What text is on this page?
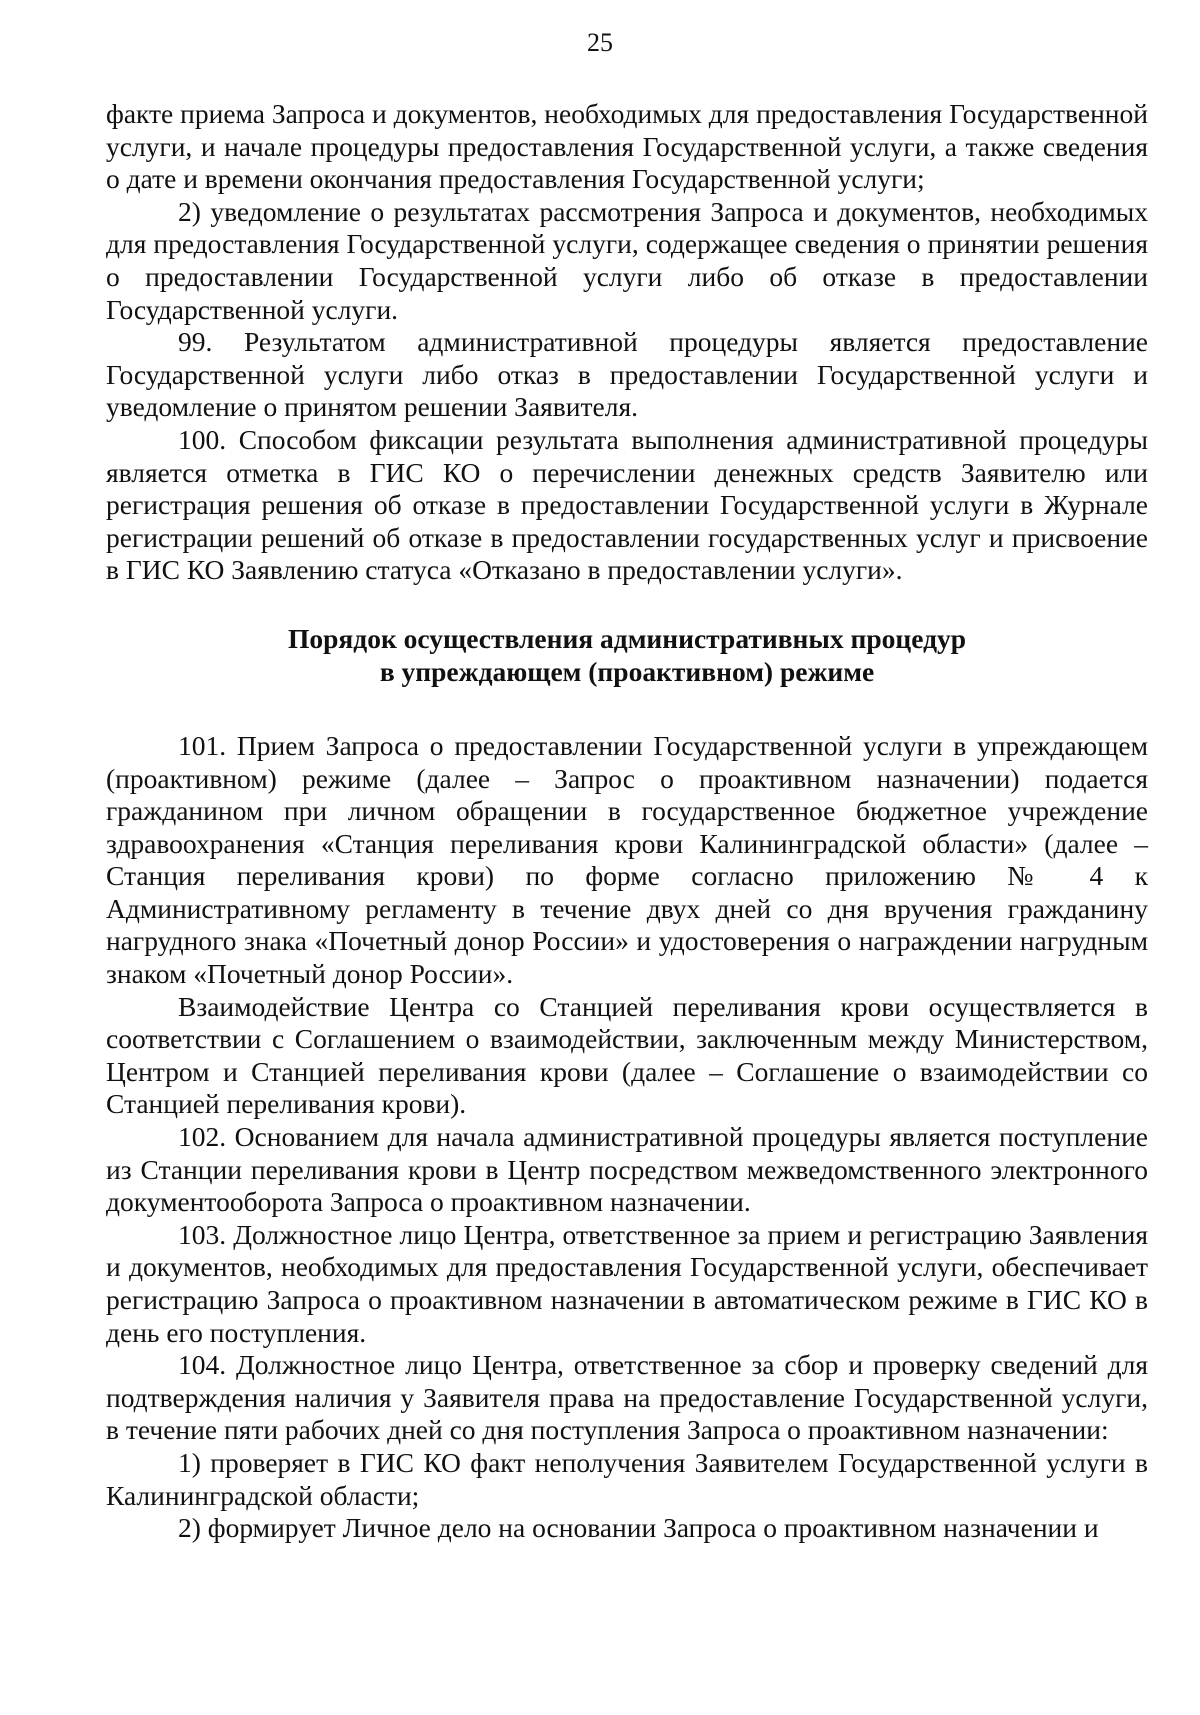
25

факте приема Запроса и документов, необходимых для предоставления Государственной услуги, и начале процедуры предоставления Государственной услуги, а также сведения о дате и времени окончания предоставления Государственной услуги;

2) уведомление о результатах рассмотрения Запроса и документов, необходимых для предоставления Государственной услуги, содержащее сведения о принятии решения о предоставлении Государственной услуги либо об отказе в предоставлении Государственной услуги.

99. Результатом административной процедуры является предоставление Государственной услуги либо отказ в предоставлении Государственной услуги и уведомление о принятом решении Заявителя.

100. Способом фиксации результата выполнения административной процедуры является отметка в ГИС КО о перечислении денежных средств Заявителю или регистрация решения об отказе в предоставлении Государственной услуги в Журнале регистрации решений об отказе в предоставлении государственных услуг и присвоение в ГИС КО Заявлению статуса «Отказано в предоставлении услуги».

Порядок осуществления административных процедур
в упреждающем (проактивном) режиме

101. Прием Запроса о предоставлении Государственной услуги в упреждающем (проактивном) режиме (далее – Запрос о проактивном назначении) подается гражданином при личном обращении в государственное бюджетное учреждение здравоохранения «Станция переливания крови Калининградской области» (далее – Станция переливания крови) по форме согласно приложению № 4 к Административному регламенту в течение двух дней со дня вручения гражданину нагрудного знака «Почетный донор России» и удостоверения о награждении нагрудным знаком «Почетный донор России».

Взаимодействие Центра со Станцией переливания крови осуществляется в соответствии с Соглашением о взаимодействии, заключенным между Министерством, Центром и Станцией переливания крови (далее – Соглашение о взаимодействии со Станцией переливания крови).

102. Основанием для начала административной процедуры является поступление из Станции переливания крови в Центр посредством межведомственного электронного документооборота Запроса о проактивном назначении.

103. Должностное лицо Центра, ответственное за прием и регистрацию Заявления и документов, необходимых для предоставления Государственной услуги, обеспечивает регистрацию Запроса о проактивном назначении в автоматическом режиме в ГИС КО в день его поступления.

104. Должностное лицо Центра, ответственное за сбор и проверку сведений для подтверждения наличия у Заявителя права на предоставление Государственной услуги, в течение пяти рабочих дней со дня поступления Запроса о проактивном назначении:

1) проверяет в ГИС КО факт неполучения Заявителем Государственной услуги в Калининградской области;

2) формирует Личное дело на основании Запроса о проактивном назначении и
